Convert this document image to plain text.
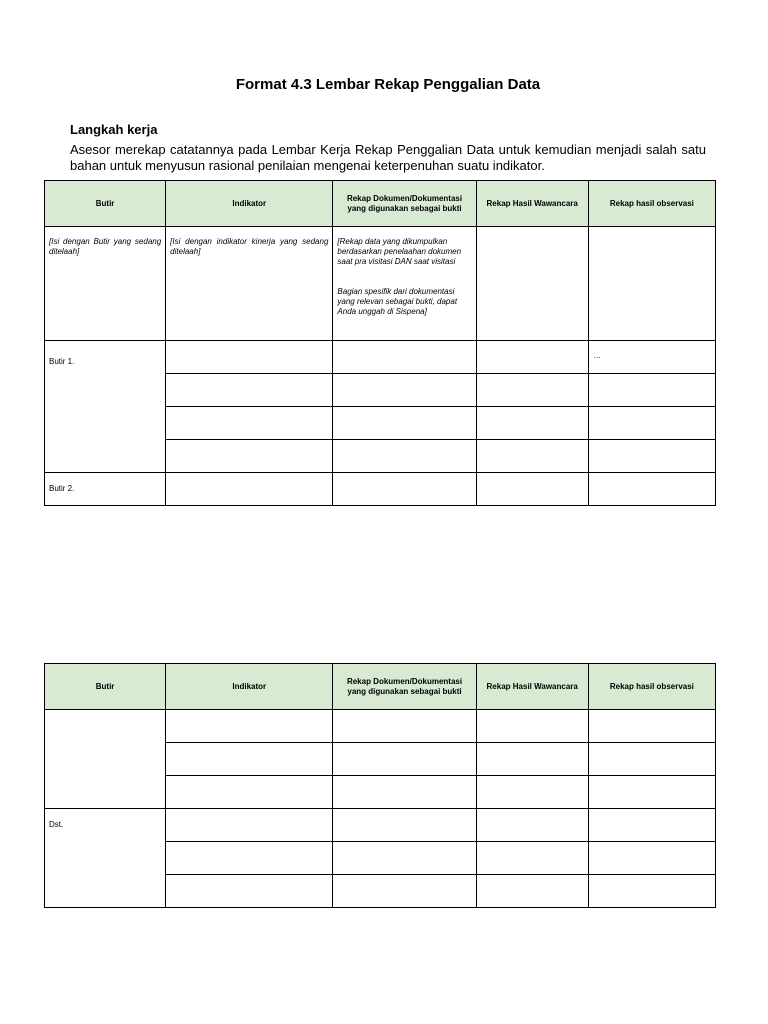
Format 4.3 Lembar Rekap Penggalian Data
Langkah kerja
Asesor merekap catatannya pada Lembar Kerja Rekap Penggalian Data untuk kemudian menjadi salah satu bahan untuk menyusun rasional penilaian mengenai keterpenuhan suatu indikator.
Butir	Indikator	Rekap Dokumen/Dokumentasi yang digunakan sebagai bukti	Rekap Hasil Wawancara	Rekap hasil observasi

[Isi dengan Butir yang sedang ditelaah]	[Isi dengan indikator kinerja yang sedang ditelaah]	[Rekap data yang dikumpulkan berdasarkan penelaahan dokumen saat pra visitasi DAN saat visitasi
Bagian spesifik dari dokumentasi yang relevan sebagai bukti, dapat Anda unggah di Sispena]		

Butir 1.				...

Butir 2.				

Butir	Indikator	Rekap Dokumen/Dokumentasi yang digunakan sebagai bukti	Rekap Hasil Wawancara	Rekap hasil observasi

Dst.				
